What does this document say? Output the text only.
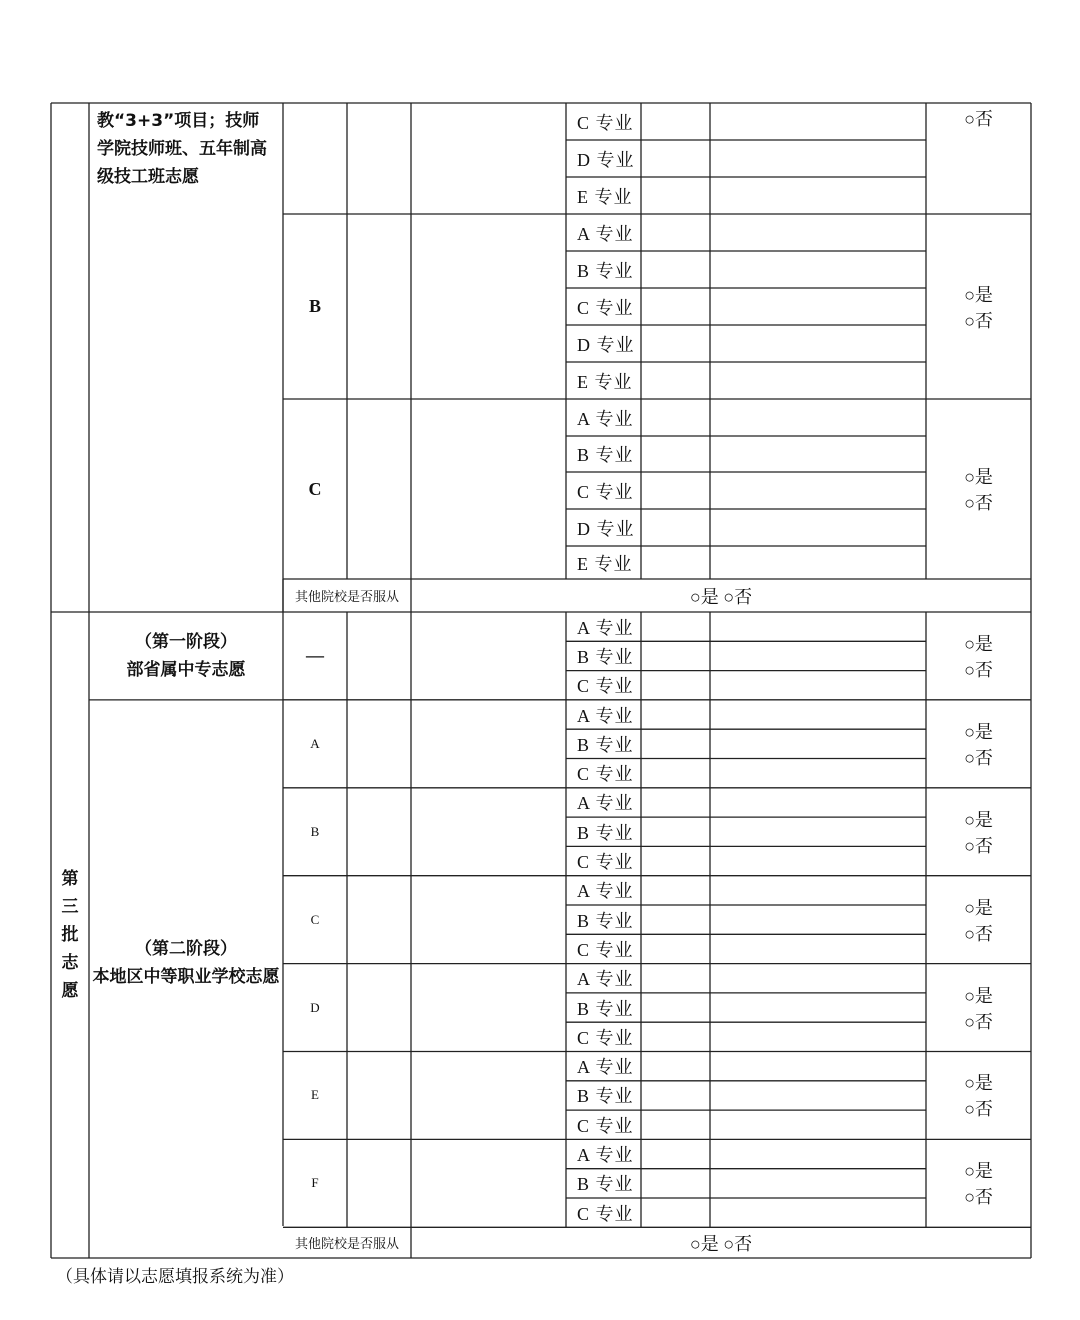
教“3+3”项目；技师学院技师班、五年制高级技工班志愿
C 专业
D 专业
E 专业
○否
B
A 专业
B 专业
C 专业
D 专业
E 专业
○是
○否
C
A 专业
B 专业
C 专业
D 专业
E 专业
○是
○否
其他院校是否服从	○是 ○否
第
三
批
志
愿
—
A 专业
B 专业
C 专业
○是
○否
（第一阶段）
部省属中专志愿
A
A 专业
B 专业
C 专业
○是
○否
B
A 专业
B 专业
C 专业
○是
○否
C
A 专业
B 专业
C 专业
○是
○否
D
A 专业
B 专业
C 专业
○是
○否
E
A 专业
B 专业
C 专业
○是
○否
F
A 专业
B 专业
C 专业
○是
○否
（第二阶段）
本地区中等职业学校志愿
其他院校是否服从	○是 ○否
（具体请以志愿填报系统为准）
